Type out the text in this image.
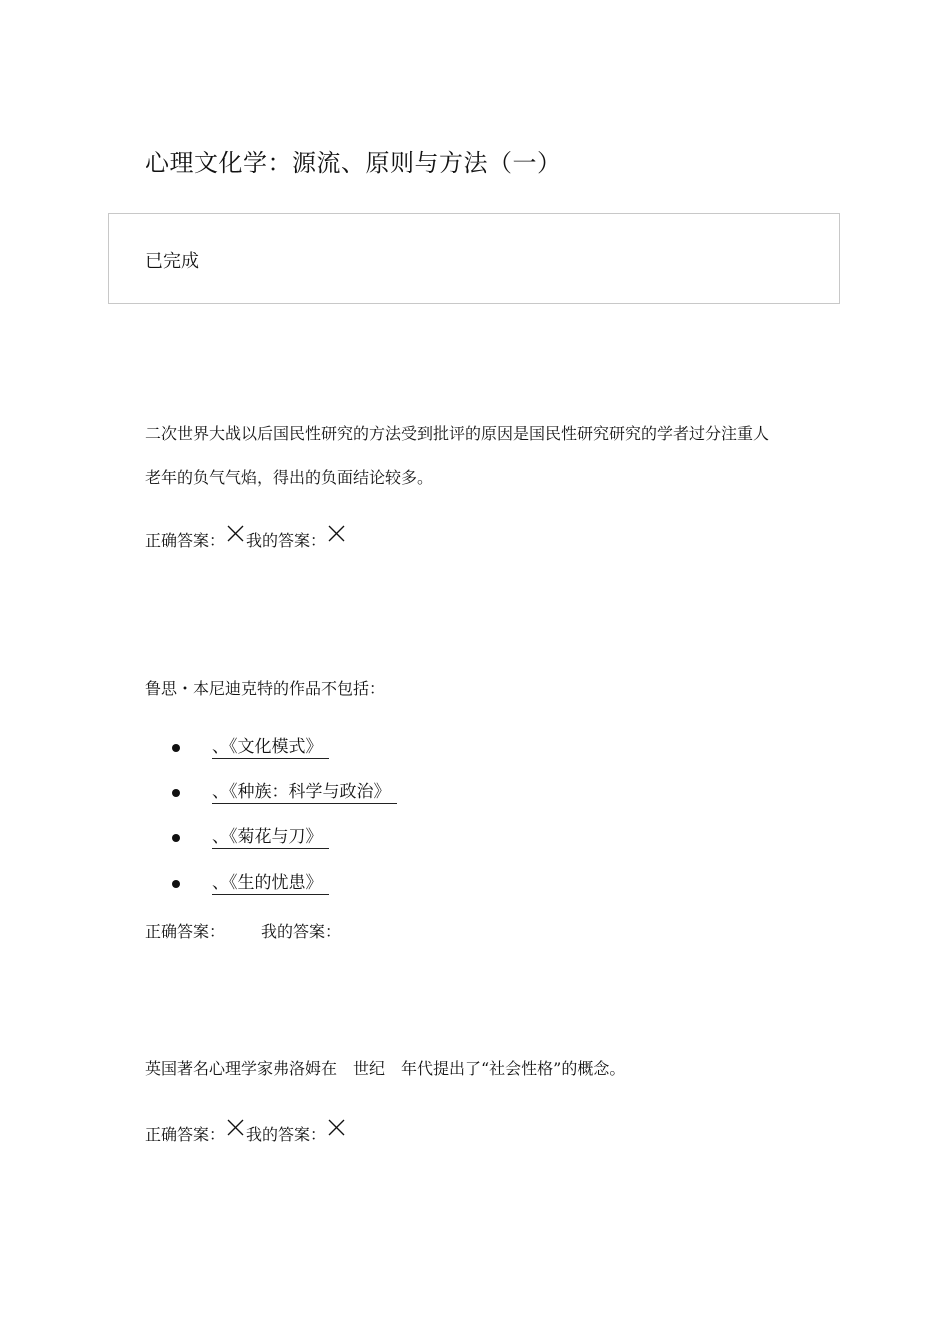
心理文化学：源流、原则与方法（一）
已完成
二次世界大战以后国民性研究的方法受到批评的原因是国民性研究研究的学者过分注重人
老年的负气气焰，得出的负面结论较多。
正确答案： 我的答案：
鲁思・本尼迪克特的作品不包括：
、《文化模式》
、《种族：科学与政治》
、《菊花与刀》
、《生的忧患》
正确答案： 我的答案：
英国著名心理学家弗洛姆在　世纪　年代提出了“社会性格”的概念。
正确答案： 我的答案：
